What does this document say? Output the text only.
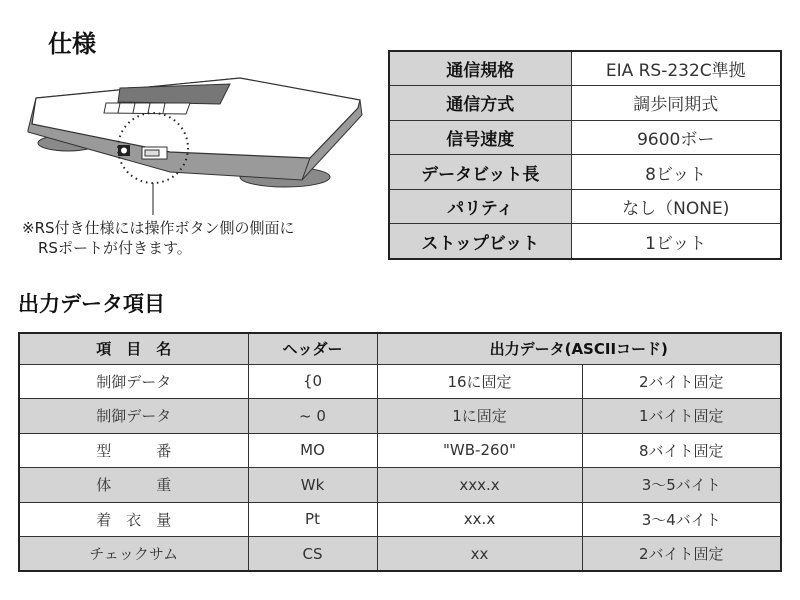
仕様
※RS付き仕様には操作ボタン側の側面に
RSポートが付きます。
通信規格	EIA RS-232C準拠
通信方式	調歩同期式
信号速度	9600ボー
データビット長	8ビット
パリティ	なし（NONE)
ストップビット	1ビット
出力データ項目
項　目　名	ヘッダー	出力データ(ASCIIコード)	
制御データ	{0	16に固定	2バイト固定
制御データ	~ 0	1に固定	1バイト固定
型　　　番	MO	"WB-260"	8バイト固定
体　　　重	Wk	xxx.x	3～5バイト
着　衣　量	Pt	xx.x	3～4バイト
チェックサム	CS	xx	2バイト固定
